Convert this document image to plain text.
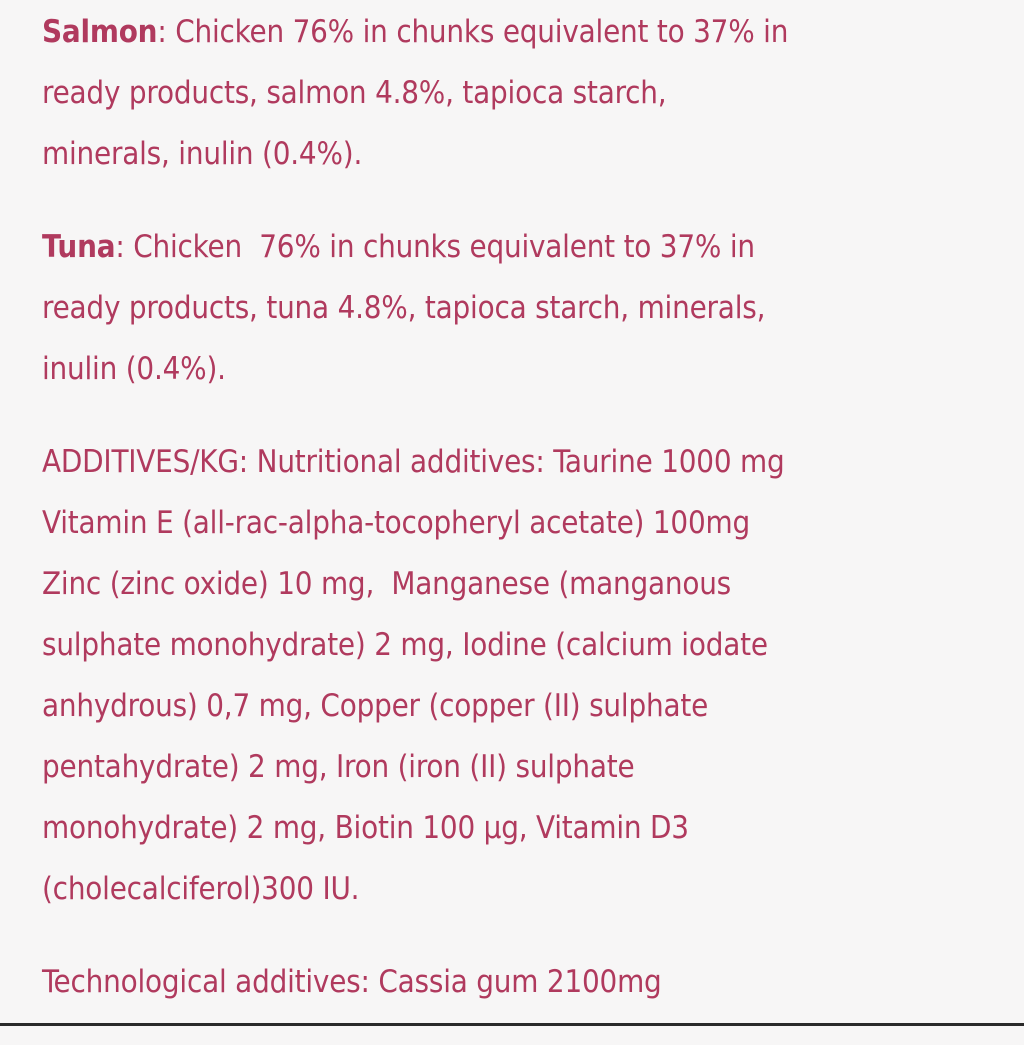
Salmon: Chicken 76% in chunks equivalent to 37% in
ready products, salmon 4.8%, tapioca starch,
minerals, inulin (0.4%).

Tuna: Chicken  76% in chunks equivalent to 37% in
ready products, tuna 4.8%, tapioca starch, minerals,
inulin (0.4%).

ADDITIVES/KG: Nutritional additives: Taurine 1000 mg
Vitamin E (all-rac-alpha-tocopheryl acetate) 100mg
Zinc (zinc oxide) 10 mg,  Manganese (manganous
sulphate monohydrate) 2 mg, Iodine (calcium iodate
anhydrous) 0,7 mg, Copper (copper (II) sulphate
pentahydrate) 2 mg, Iron (iron (II) sulphate
monohydrate) 2 mg, Biotin 100 µg, Vitamin D3
(cholecalciferol)300 IU.

Technological additives: Cassia gum 2100mg
